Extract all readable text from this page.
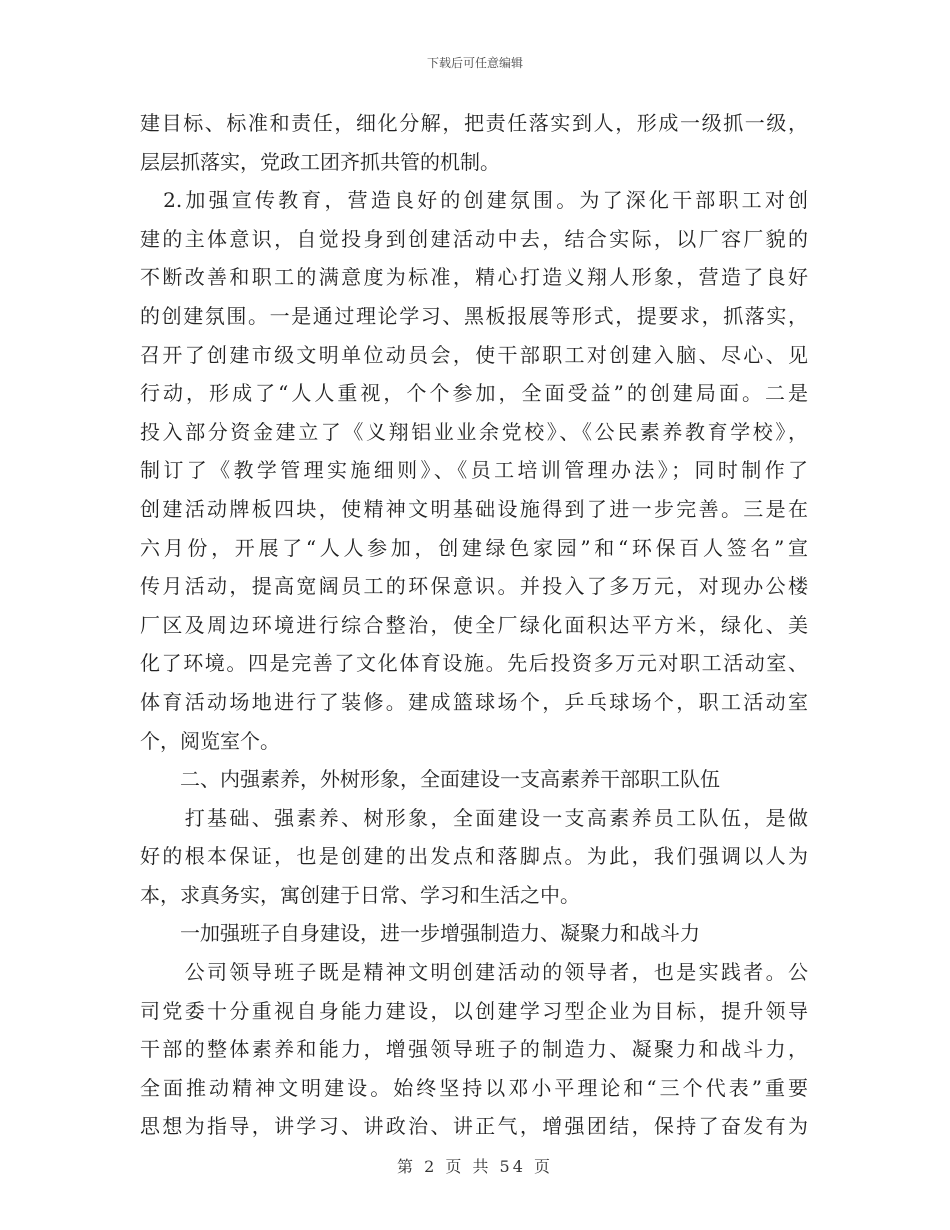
下载后可任意编辑
建目标、标准和责任，细化分解，把责任落实到人，形成一级抓一级，
层层抓落实，党政工团齐抓共管的机制。
　2.加强宣传教育，营造良好的创建氛围。为了深化干部职工对创
建的主体意识，自觉投身到创建活动中去，结合实际，以厂容厂貌的
不断改善和职工的满意度为标准，精心打造义翔人形象，营造了良好
的创建氛围。一是通过理论学习、黑板报展等形式，提要求，抓落实，
召开了创建市级文明单位动员会，使干部职工对创建入脑、尽心、见
行动，形成了“人人重视，个个参加，全面受益”的创建局面。二是
投入部分资金建立了《义翔铝业业余党校》、《公民素养教育学校》，
制订了《教学管理实施细则》、《员工培训管理办法》；同时制作了
创建活动牌板四块，使精神文明基础设施得到了进一步完善。三是在
六月份，开展了“人人参加，创建绿色家园”和“环保百人签名”宣
传月活动，提高宽阔员工的环保意识。并投入了多万元，对现办公楼
厂区及周边环境进行综合整治，使全厂绿化面积达平方米，绿化、美
化了环境。四是完善了文化体育设施。先后投资多万元对职工活动室、
体育活动场地进行了装修。建成篮球场个，乒乓球场个，职工活动室
个，阅览室个。
　　二、内强素养，外树形象，全面建设一支高素养干部职工队伍
　　打基础、强素养、树形象，全面建设一支高素养员工队伍，是做
好的根本保证，也是创建的出发点和落脚点。为此，我们强调以人为
本，求真务实，寓创建于日常、学习和生活之中。
　　一加强班子自身建设，进一步增强制造力、凝聚力和战斗力
　　公司领导班子既是精神文明创建活动的领导者，也是实践者。公
司党委十分重视自身能力建设，以创建学习型企业为目标，提升领导
干部的整体素养和能力，增强领导班子的制造力、凝聚力和战斗力，
全面推动精神文明建设。始终坚持以邓小平理论和“三个代表”重要
思想为指导，讲学习、讲政治、讲正气，增强团结，保持了奋发有为
第 2 页 共 54 页
